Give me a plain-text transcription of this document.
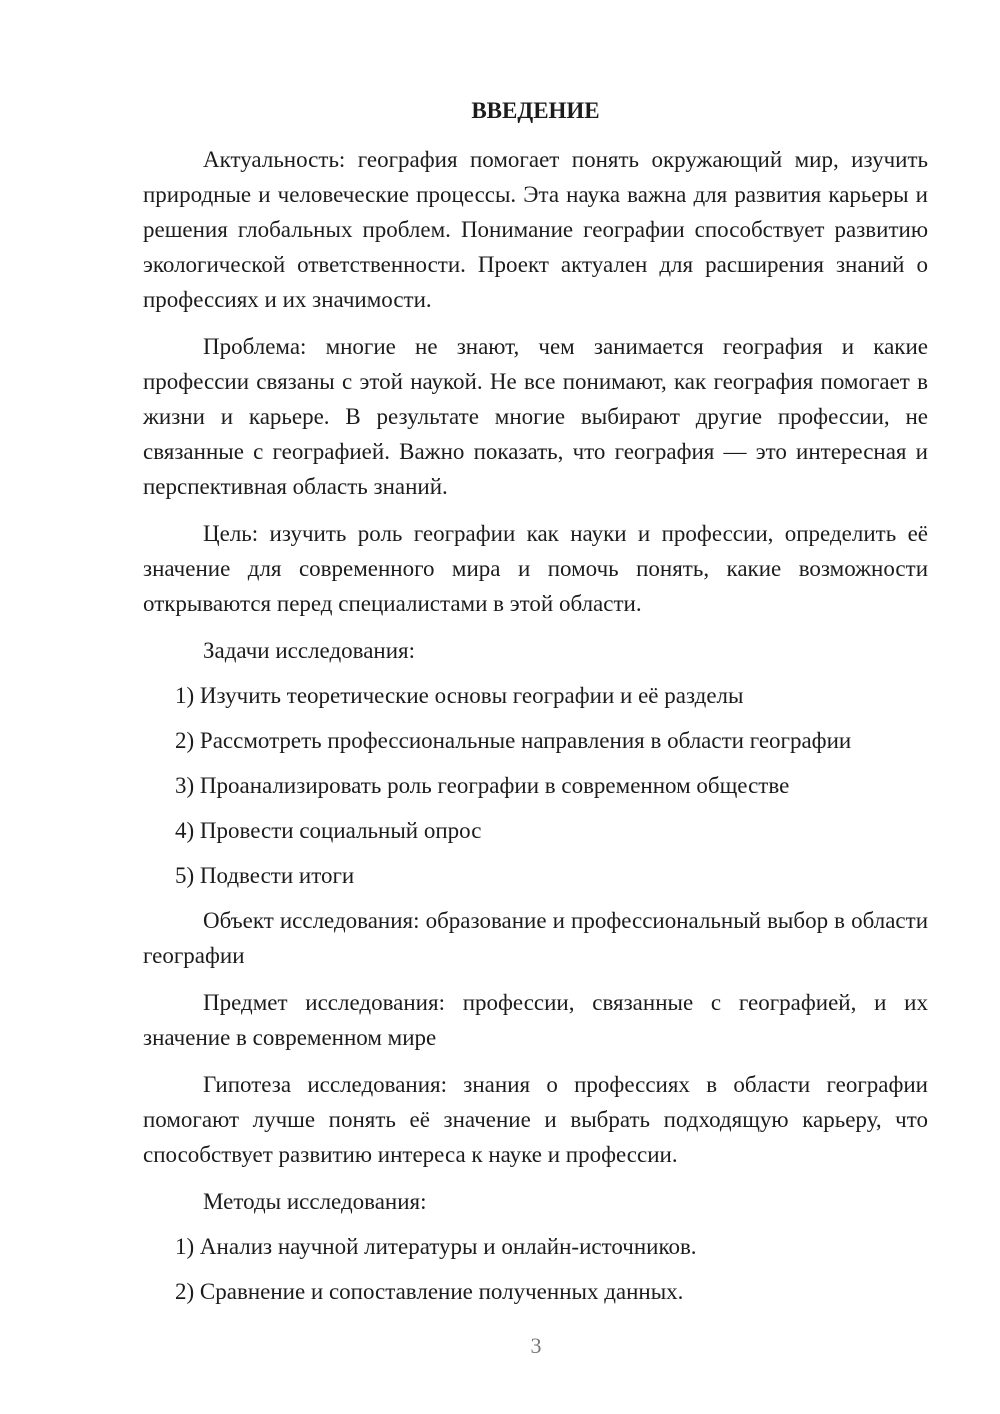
ВВЕДЕНИЕ

Актуальность: география помогает понять окружающий мир, изучить природные и человеческие процессы. Эта наука важна для развития карьеры и решения глобальных проблем. Понимание географии способствует развитию экологической ответственности. Проект актуален для расширения знаний о профессиях и их значимости.

Проблема: многие не знают, чем занимается география и какие профессии связаны с этой наукой. Не все понимают, как география помогает в жизни и карьере. В результате многие выбирают другие профессии, не связанные с географией. Важно показать, что география — это интересная и перспективная область знаний.

Цель: изучить роль географии как науки и профессии, определить её значение для современного мира и помочь понять, какие возможности открываются перед специалистами в этой области.

Задачи исследования:

1) Изучить теоретические основы географии и её разделы
2) Рассмотреть профессиональные направления в области географии
3) Проанализировать роль географии в современном обществе
4) Провести социальный опрос
5) Подвести итоги

Объект исследования: образование и профессиональный выбор в области географии

Предмет исследования: профессии, связанные с географией, и их значение в современном мире

Гипотеза исследования: знания о профессиях в области географии помогают лучше понять её значение и выбрать подходящую карьеру, что способствует развитию интереса к науке и профессии.

Методы исследования:

1) Анализ научной литературы и онлайн-источников.
2) Сравнение и сопоставление полученных данных.
3
